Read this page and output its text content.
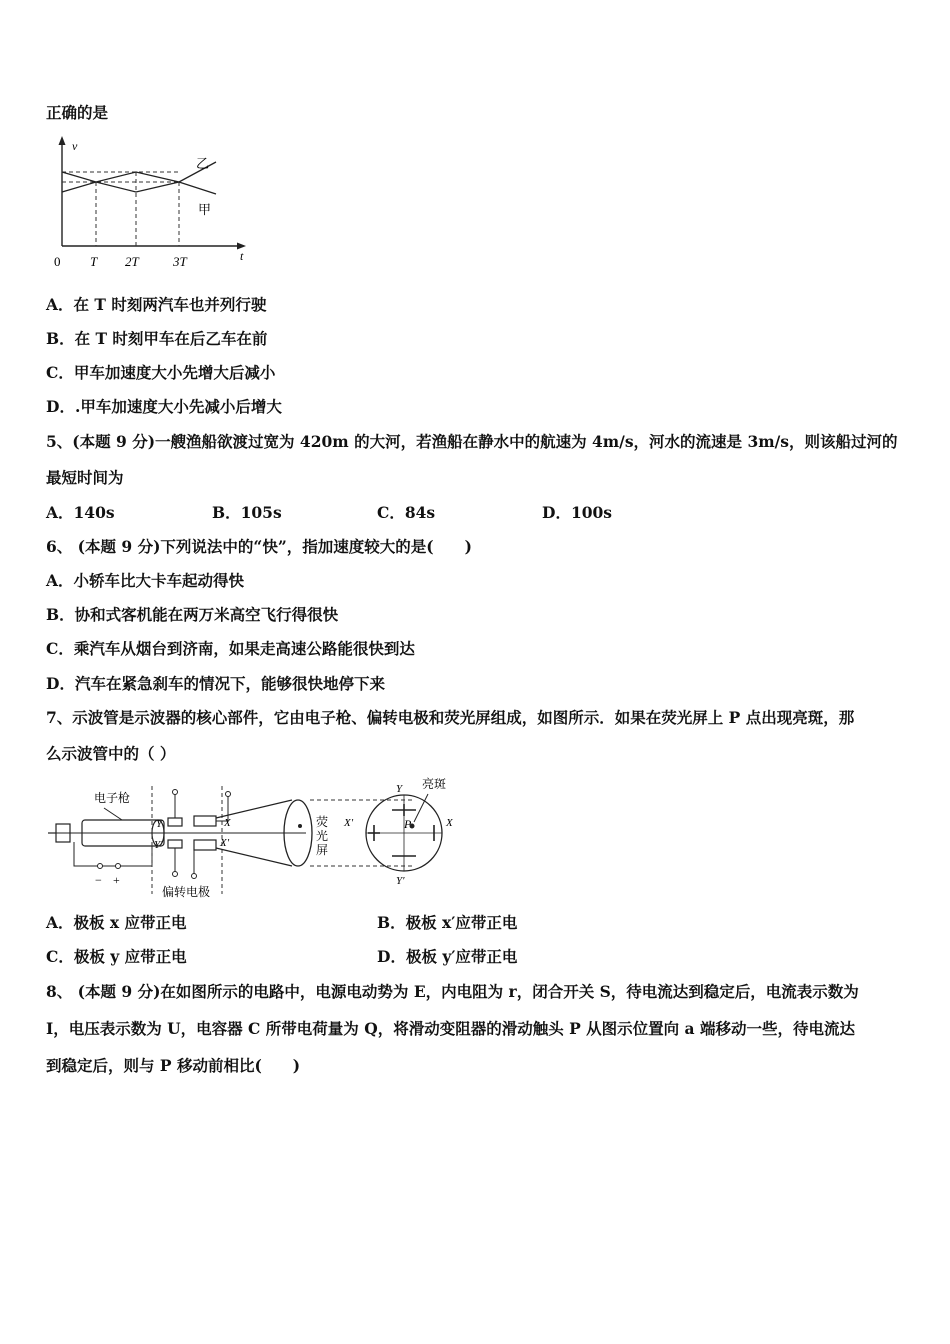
正确的是
v
t
乙
甲
0 T 2T	3T
A．在 T 时刻两汽车也并列行驶
B．在 T 时刻甲车在后乙车在前
C．甲车加速度大小先增大后减小
D．.甲车加速度大小先减小后增大
5、(本题 9 分)一艘渔船欲渡过宽为 420m 的大河，若渔船在静水中的航速为 4m/s，河水的流速是 3m/s，则该船过河的
最短时间为
A．140s	B．105s	C．84s	D．100s
6、 (本题 9 分)下列说法中的“快”，指加速度较大的是(　　)
A．小轿车比大卡车起动得快
B．协和式客机能在两万米高空飞行得很快
C．乘汽车从烟台到济南，如果走高速公路能很快到达
D．汽车在紧急刹车的情况下，能够很快地停下来
7、示波管是示波器的核心部件，它由电子枪、偏转电极和荧光屏组成，如图所示．如果在荧光屏上 P 点出现亮斑，那
么示波管中的（ ）
电子枪
− +
Y
Y′
X
X′
偏转电极
荧
光
屏
P
亮斑
Y
Y′
X
X′
A．极板 x 应带正电	B．极板 x′应带正电
C．极板 y 应带正电	D．极板 y′应带正电
8、 (本题 9 分)在如图所示的电路中，电源电动势为 E，内电阻为 r，闭合开关 S，待电流达到稳定后，电流表示数为
I，电压表示数为 U，电容器 C 所带电荷量为 Q，将滑动变阻器的滑动触头 P 从图示位置向 a 端移动一些，待电流达
到稳定后，则与 P 移动前相比(　　)
